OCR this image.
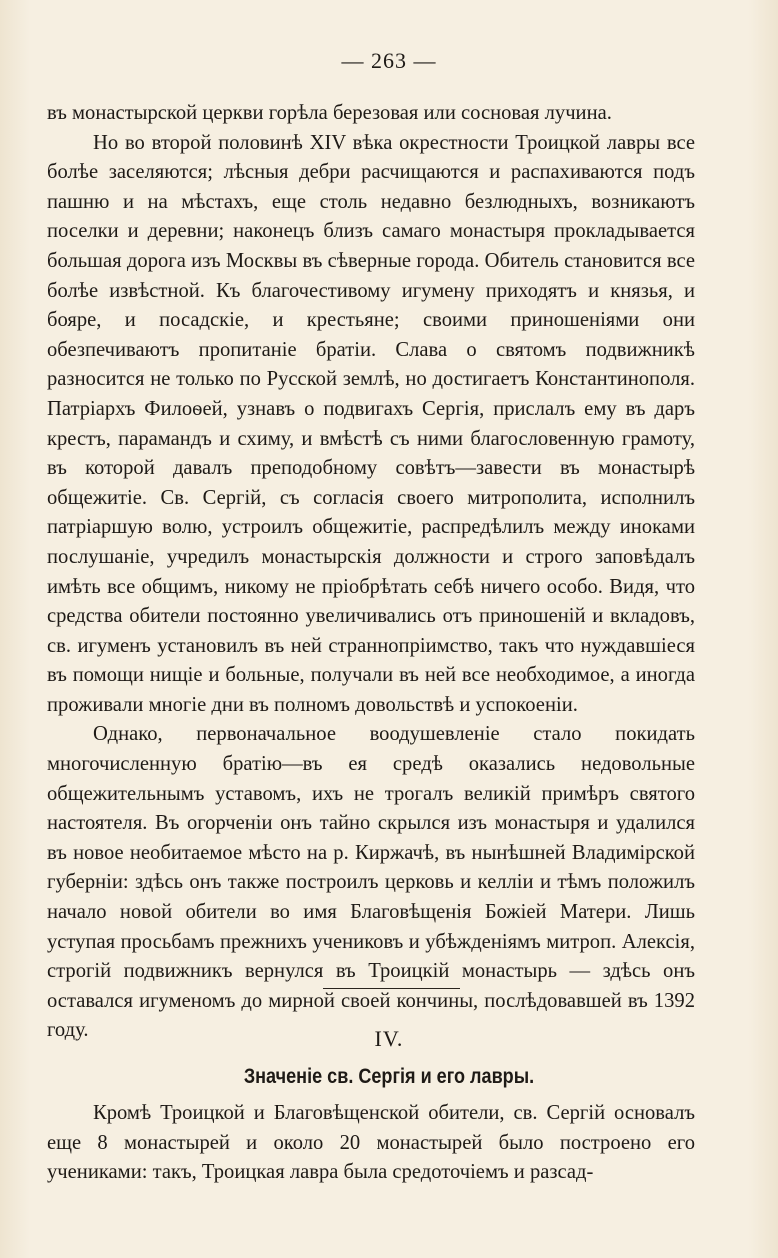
— 263 —

въ монастырской церкви горѣла березовая или сосновая лучина.

Но во второй половинѣ XIV вѣка окрестности Троицкой лавры все болѣе заселяются; лѣсныя дебри расчищаются и распахиваются подъ пашню и на мѣстахъ, еще столь недавно безлюдныхъ, возникаютъ поселки и деревни; наконецъ близъ самаго монастыря прокладывается большая дорога изъ Москвы въ сѣверные города. Обитель становится все болѣе извѣстной. Къ благочестивому игумену приходятъ и князья, и бояре, и посадскіе, и крестьяне; своими приношеніями они обезпечиваютъ пропитаніе братіи. Слава о святомъ подвижникѣ разносится не только по Русской землѣ, но достигаетъ Константинополя. Патріархъ Филоѳей, узнавъ о подвигахъ Сергія, прислалъ ему въ даръ крестъ, парамандъ и схиму, и вмѣстѣ съ ними благословенную грамоту, въ которой давалъ преподобному совѣтъ—завести въ монастырѣ общежитіе. Св. Сергій, съ согласія своего митрополита, исполнилъ патріаршую волю, устроилъ общежитіе, распредѣлилъ между иноками послушаніе, учредилъ монастырскія должности и строго заповѣдалъ имѣть все общимъ, никому не пріобрѣтать себѣ ничего особо. Видя, что средства обители постоянно увеличивались отъ приношеній и вкладовъ, св. игуменъ установилъ въ ней страннопріимство, такъ что нуждавшіеся въ помощи нищіе и больные, получали въ ней все необходимое, а иногда проживали многіе дни въ полномъ довольствѣ и успокоеніи.

Однако, первоначальное воодушевленіе стало покидать многочисленную братію—въ ея средѣ оказались недовольные общежительнымъ уставомъ, ихъ не трогалъ великій примѣръ святого настоятеля. Въ огорченіи онъ тайно скрылся изъ монастыря и удалился въ новое необитаемое мѣсто на р. Киржачѣ, въ нынѣшней Владимірской губерніи: здѣсь онъ также построилъ церковь и келліи и тѣмъ положилъ начало новой обители во имя Благовѣщенія Божіей Матери. Лишь уступая просьбамъ прежнихъ учениковъ и убѣжденіямъ митроп. Алексія, строгій подвижникъ вернулся въ Троицкій монастырь — здѣсь онъ оставался игуменомъ до мирной своей кончины, послѣдовавшей въ 1392 году.	IV.
Значеніе св. Сергія и его лавры.

Кромѣ Троицкой и Благовѣщенской обители, св. Сергій основалъ еще 8 монастырей и около 20 монастырей было построено его учениками: такъ, Троицкая лавра была средоточіемъ и разсад-
